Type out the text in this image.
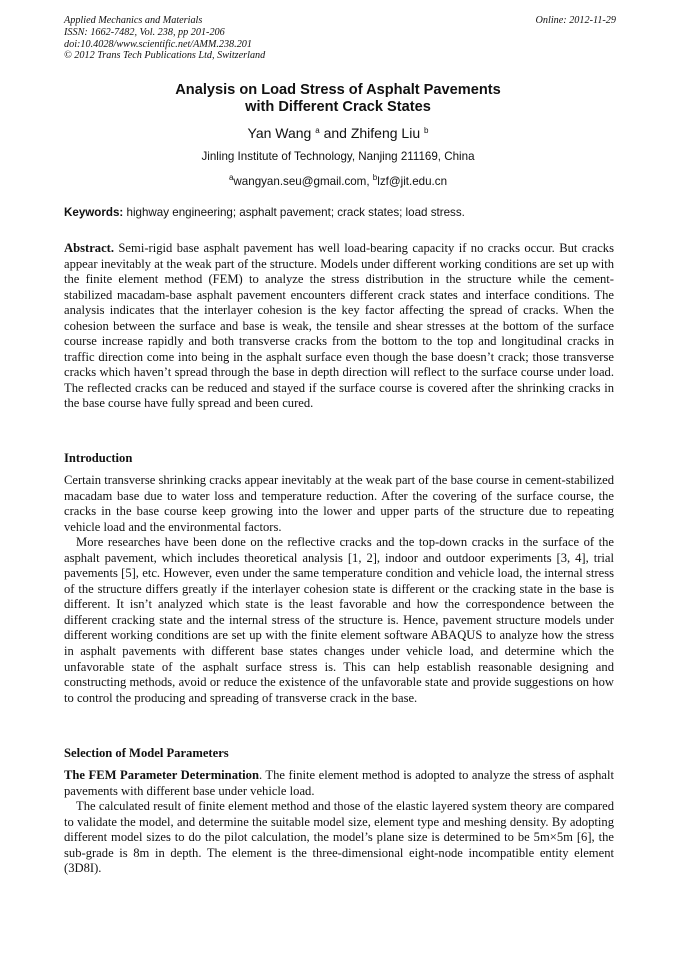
Applied Mechanics and Materials
ISSN: 1662-7482, Vol. 238, pp 201-206
doi:10.4028/www.scientific.net/AMM.238.201
© 2012 Trans Tech Publications Ltd, Switzerland
Online: 2012-11-29
Analysis on Load Stress of Asphalt Pavements
with Different Crack States
Yan Wang $^a$ and Zhifeng Liu $^b$
Jinling Institute of Technology, Nanjing 211169, China
$^a$wangyan.seu@gmail.com, $^b$lzf@jit.edu.cn
Keywords: highway engineering; asphalt pavement; crack states; load stress.

Abstract. Semi-rigid base asphalt pavement has well load-bearing capacity if no cracks occur. But cracks appear inevitably at the weak part of the structure. Models under different working conditions are set up with the finite element method (FEM) to analyze the stress distribution in the structure while the cement-stabilized macadam-base asphalt pavement encounters different crack states and interface conditions. The analysis indicates that the interlayer cohesion is the key factor affecting the spread of cracks. When the cohesion between the surface and base is weak, the tensile and shear stresses at the bottom of the surface course increase rapidly and both transverse cracks from the bottom to the top and longitudinal cracks in traffic direction come into being in the asphalt surface even though the base doesn’t crack; those transverse cracks which haven’t spread through the base in depth direction will reflect to the surface course under load. The reflected cracks can be reduced and stayed if the surface course is covered after the shrinking cracks in the base course have fully spread and been cured.

Introduction

Certain transverse shrinking cracks appear inevitably at the weak part of the base course in cement-stabilized macadam base due to water loss and temperature reduction. After the covering of the surface course, the cracks in the base course keep growing into the lower and upper parts of the structure due to repeating vehicle load and the environmental factors.

More researches have been done on the reflective cracks and the top-down cracks in the surface of the asphalt pavement, which includes theoretical analysis [1, 2], indoor and outdoor experiments [3, 4], trial pavements [5], etc. However, even under the same temperature condition and vehicle load, the internal stress of the structure differs greatly if the interlayer cohesion state is different or the cracking state in the base is different. It isn’t analyzed which state is the least favorable and how the correspondence between the different cracking state and the internal stress of the structure is. Hence, pavement structure models under different working conditions are set up with the finite element software ABAQUS to analyze how the stress in asphalt pavements with different base states changes under vehicle load, and determine which the unfavorable state of the asphalt surface stress is. This can help establish reasonable designing and constructing methods, avoid or reduce the existence of the unfavorable state and provide suggestions on how to control the producing and spreading of transverse crack in the base.

Selection of Model Parameters

The FEM Parameter Determination. The finite element method is adopted to analyze the stress of asphalt pavements with different base under vehicle load.

The calculated result of finite element method and those of the elastic layered system theory are compared to validate the model, and determine the suitable model size, element type and meshing density. By adopting different model sizes to do the pilot calculation, the model’s plane size is determined to be 5m×5m [6], the sub-grade is 8m in depth. The element is the three-dimensional eight-node incompatible entity element (3D8I).
